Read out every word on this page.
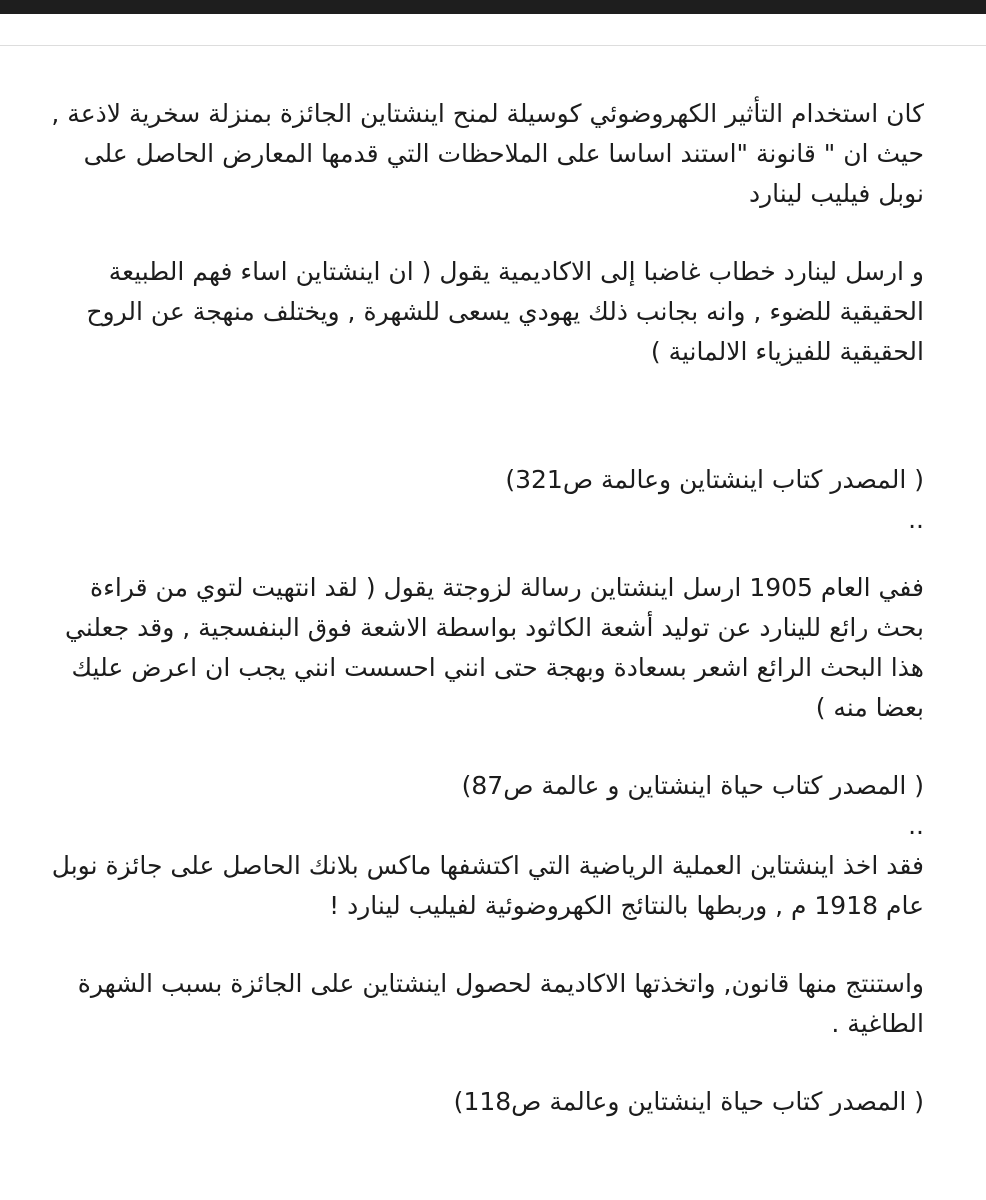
كان استخدام التأثير الكهروضوئي كوسيلة لمنح اينشتاين الجائزة بمنزلة سخرية لاذعة , حيث ان " قانونة "استند اساسا على الملاحظات التي قدمها المعارض الحاصل على نوبل فيليب لينارد

و ارسل لينارد خطاب غاضبا إلى الاكاديمية يقول ( ان اينشتاين اساء فهم الطبيعة الحقيقية للضوء , وانه بجانب ذلك يهودي يسعى للشهرة , ويختلف منهجة عن الروح الحقيقية للفيزياء الالمانية )

( المصدر كتاب اينشتاين وعالمة ص321)

..

ففي العام 1905 ارسل اينشتاين رسالة لزوجتة يقول ( لقد انتهيت لتوي من قراءة بحث رائع للينارد عن توليد أشعة الكاثود بواسطة الاشعة فوق البنفسجية , وقد جعلني هذا البحث الرائع اشعر بسعادة وبهجة حتى انني احسست انني يجب ان اعرض عليك بعضا منه )

( المصدر كتاب حياة اينشتاين و عالمة ص87)

..

فقد اخذ اينشتاين العملية الرياضية التي اكتشفها ماكس بلانك الحاصل على جائزة نوبل عام 1918 م , وربطها بالنتائج الكهروضوئية لفيليب لينارد !

واستنتج منها قانون, واتخذتها الاكاديمة لحصول اينشتاين على الجائزة بسبب الشهرة الطاغية .

( المصدر كتاب حياة اينشتاين وعالمة ص118)
